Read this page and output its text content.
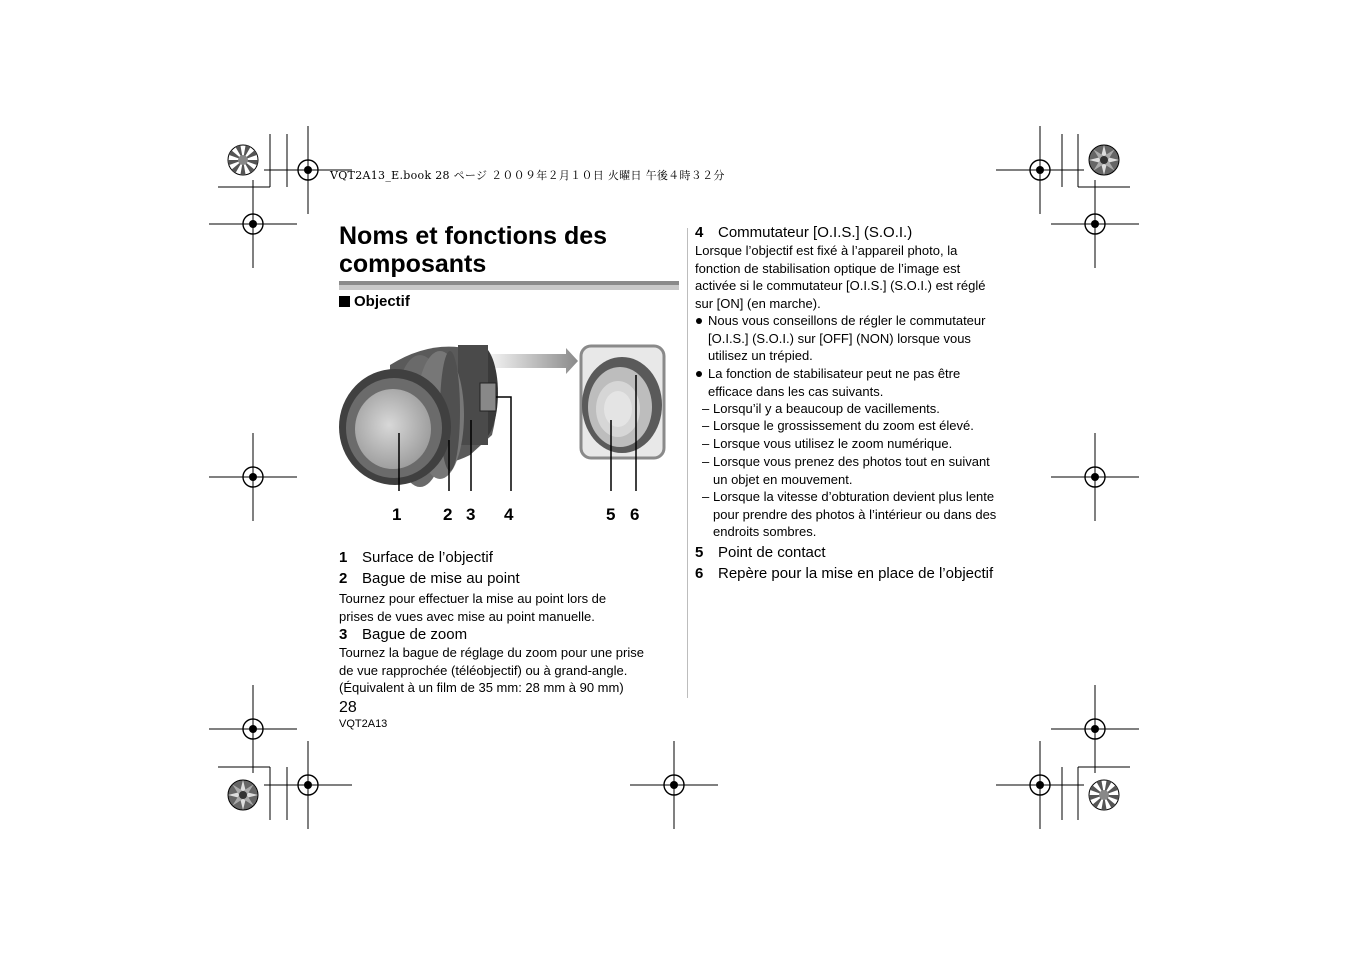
VQT2A13_E.book 28 ページ ２００９年２月１０日 火曜日 午後４時３２分
Noms et fonctions des
composants
Objectif
1 2 3 4	5 6
1 Surface de l’objectif
2 Bague de mise au point

Tournez pour effectuer la mise au point lors de

prises de vues avec mise au point manuelle.

3 Bague de zoom

Tournez la bague de réglage du zoom pour une prise

de vue rapprochée (téléobjectif) ou à grand-angle.

(Équivalent à un film de 35 mm: 28 mm à 90 mm)

4 Commutateur [O.I.S.] (S.O.I.)

Lorsque l’objectif est fixé à l’appareil photo, la

fonction de stabilisation optique de l’image est

activée si le commutateur [O.I.S.] (S.O.I.) est réglé

sur [ON] (en marche).

Nous vous conseillons de régler le commutateur
[O.I.S.] (S.O.I.) sur [OFF] (NON) lorsque vous
utilisez un trépied.
La fonction de stabilisateur peut ne pas être
efficace dans les cas suivants.
– Lorsqu’il y a beaucoup de vacillements.
– Lorsque le grossissement du zoom est élevé.
– Lorsque vous utilisez le zoom numérique.
– Lorsque vous prenez des photos tout en suivant
un objet en mouvement.
– Lorsque la vitesse d’obturation devient plus lente
pour prendre des photos à l’intérieur ou dans des
endroits sombres.
5 Point de contact
6 Repère pour la mise en place de l’objectif
28
VQT2A13
